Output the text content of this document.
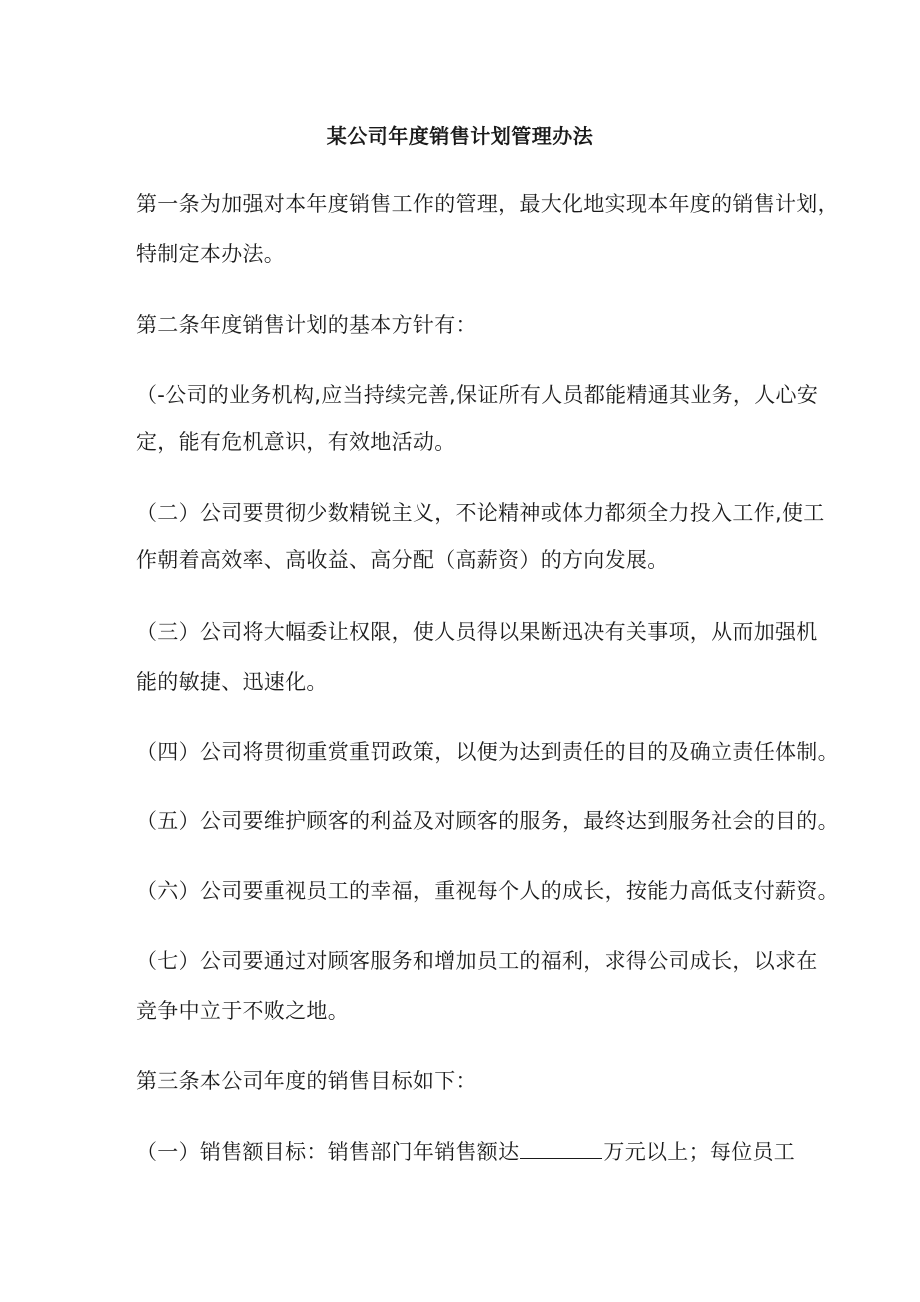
某公司年度销售计划管理办法
第一条为加强对本年度销售工作的管理，最大化地实现本年度的销售计划，
特制定本办法。
第二条年度销售计划的基本方针有：
（-公司的业务机构,应当持续完善,保证所有人员都能精通其业务，人心安
定，能有危机意识，有效地活动。
（二）公司要贯彻少数精锐主义，不论精神或体力都须全力投入工作,使工
作朝着高效率、高收益、高分配（高薪资）的方向发展。
（三）公司将大幅委让权限，使人员得以果断迅决有关事项，从而加强机
能的敏捷、迅速化。
（四）公司将贯彻重赏重罚政策，以便为达到责任的目的及确立责任体制。
（五）公司要维护顾客的利益及对顾客的服务，最终达到服务社会的目的。
（六）公司要重视员工的幸福，重视每个人的成长，按能力高低支付薪资。
（七）公司要通过对顾客服务和增加员工的福利，求得公司成长，以求在
竞争中立于不败之地。
第三条本公司年度的销售目标如下：
（一）销售额目标：销售部门年销售额达	万元以上；每位员工
